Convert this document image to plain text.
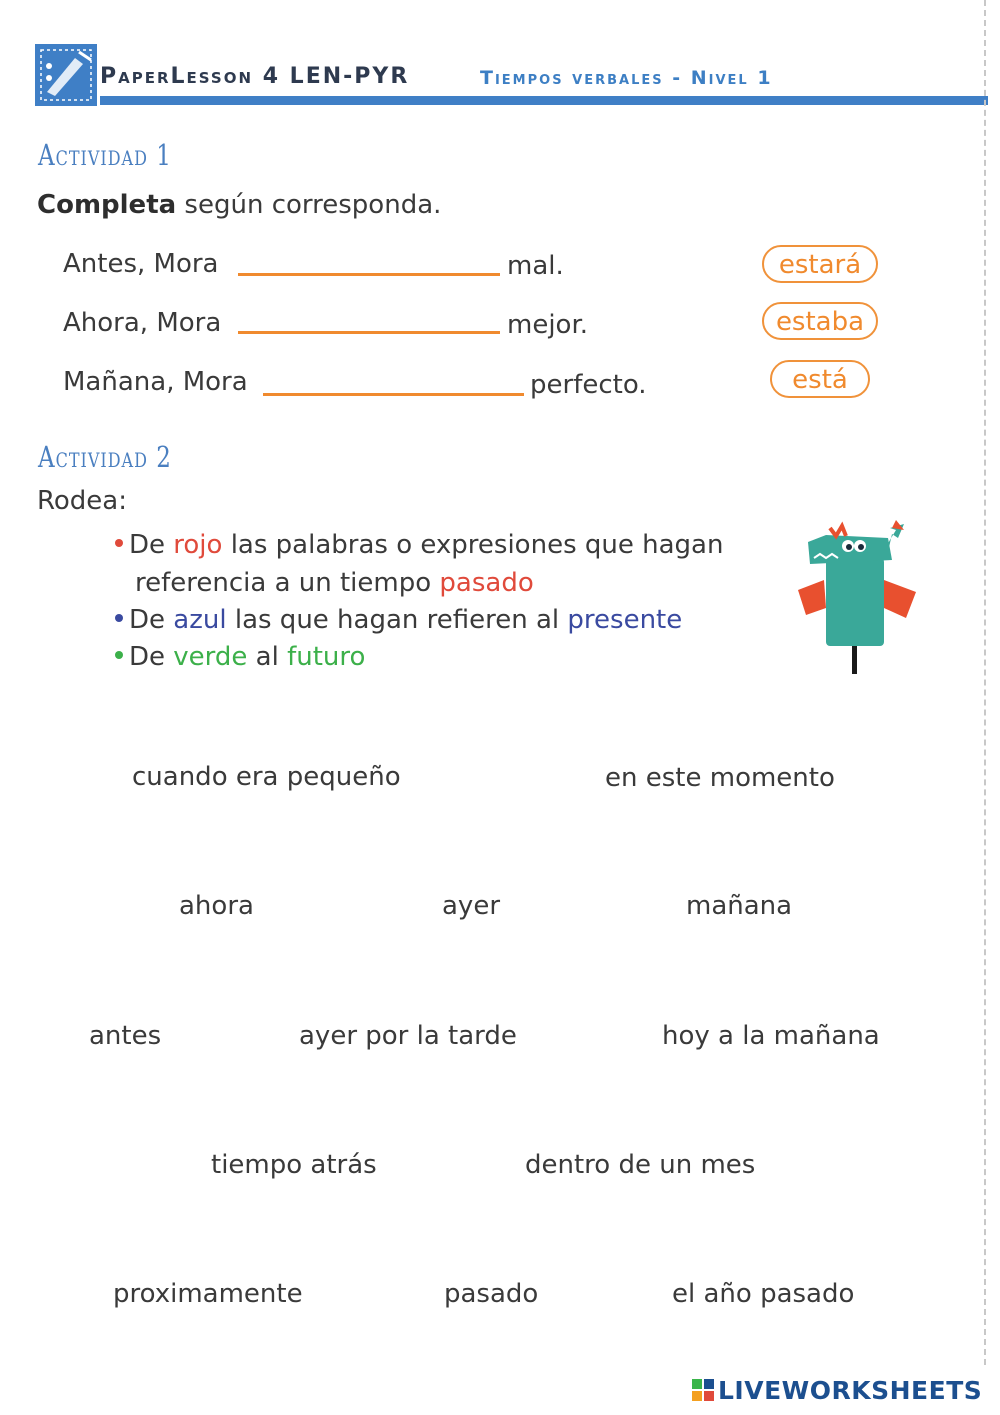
PaperLesson 4 LEN-PYR	Tiempos verbales - Nivel 1
Actividad 1
Completa según corresponda.
Antes, Mora	mal.
Ahora, Mora	mejor.
Mañana, Mora	perfecto.
estará
estaba
está
Actividad 2
Rodea:
De rojo las palabras o expresiones que hagan
referencia a un tiempo pasado
De azul las que hagan refieren al presente
De verde al futuro
cuando era pequeño	en este momento
ahora	ayer	mañana
antes	ayer por la tarde	hoy a la mañana
tiempo atrás	dentro de un mes
proximamente	pasado	el año pasado
LIVEWORKSHEETS
